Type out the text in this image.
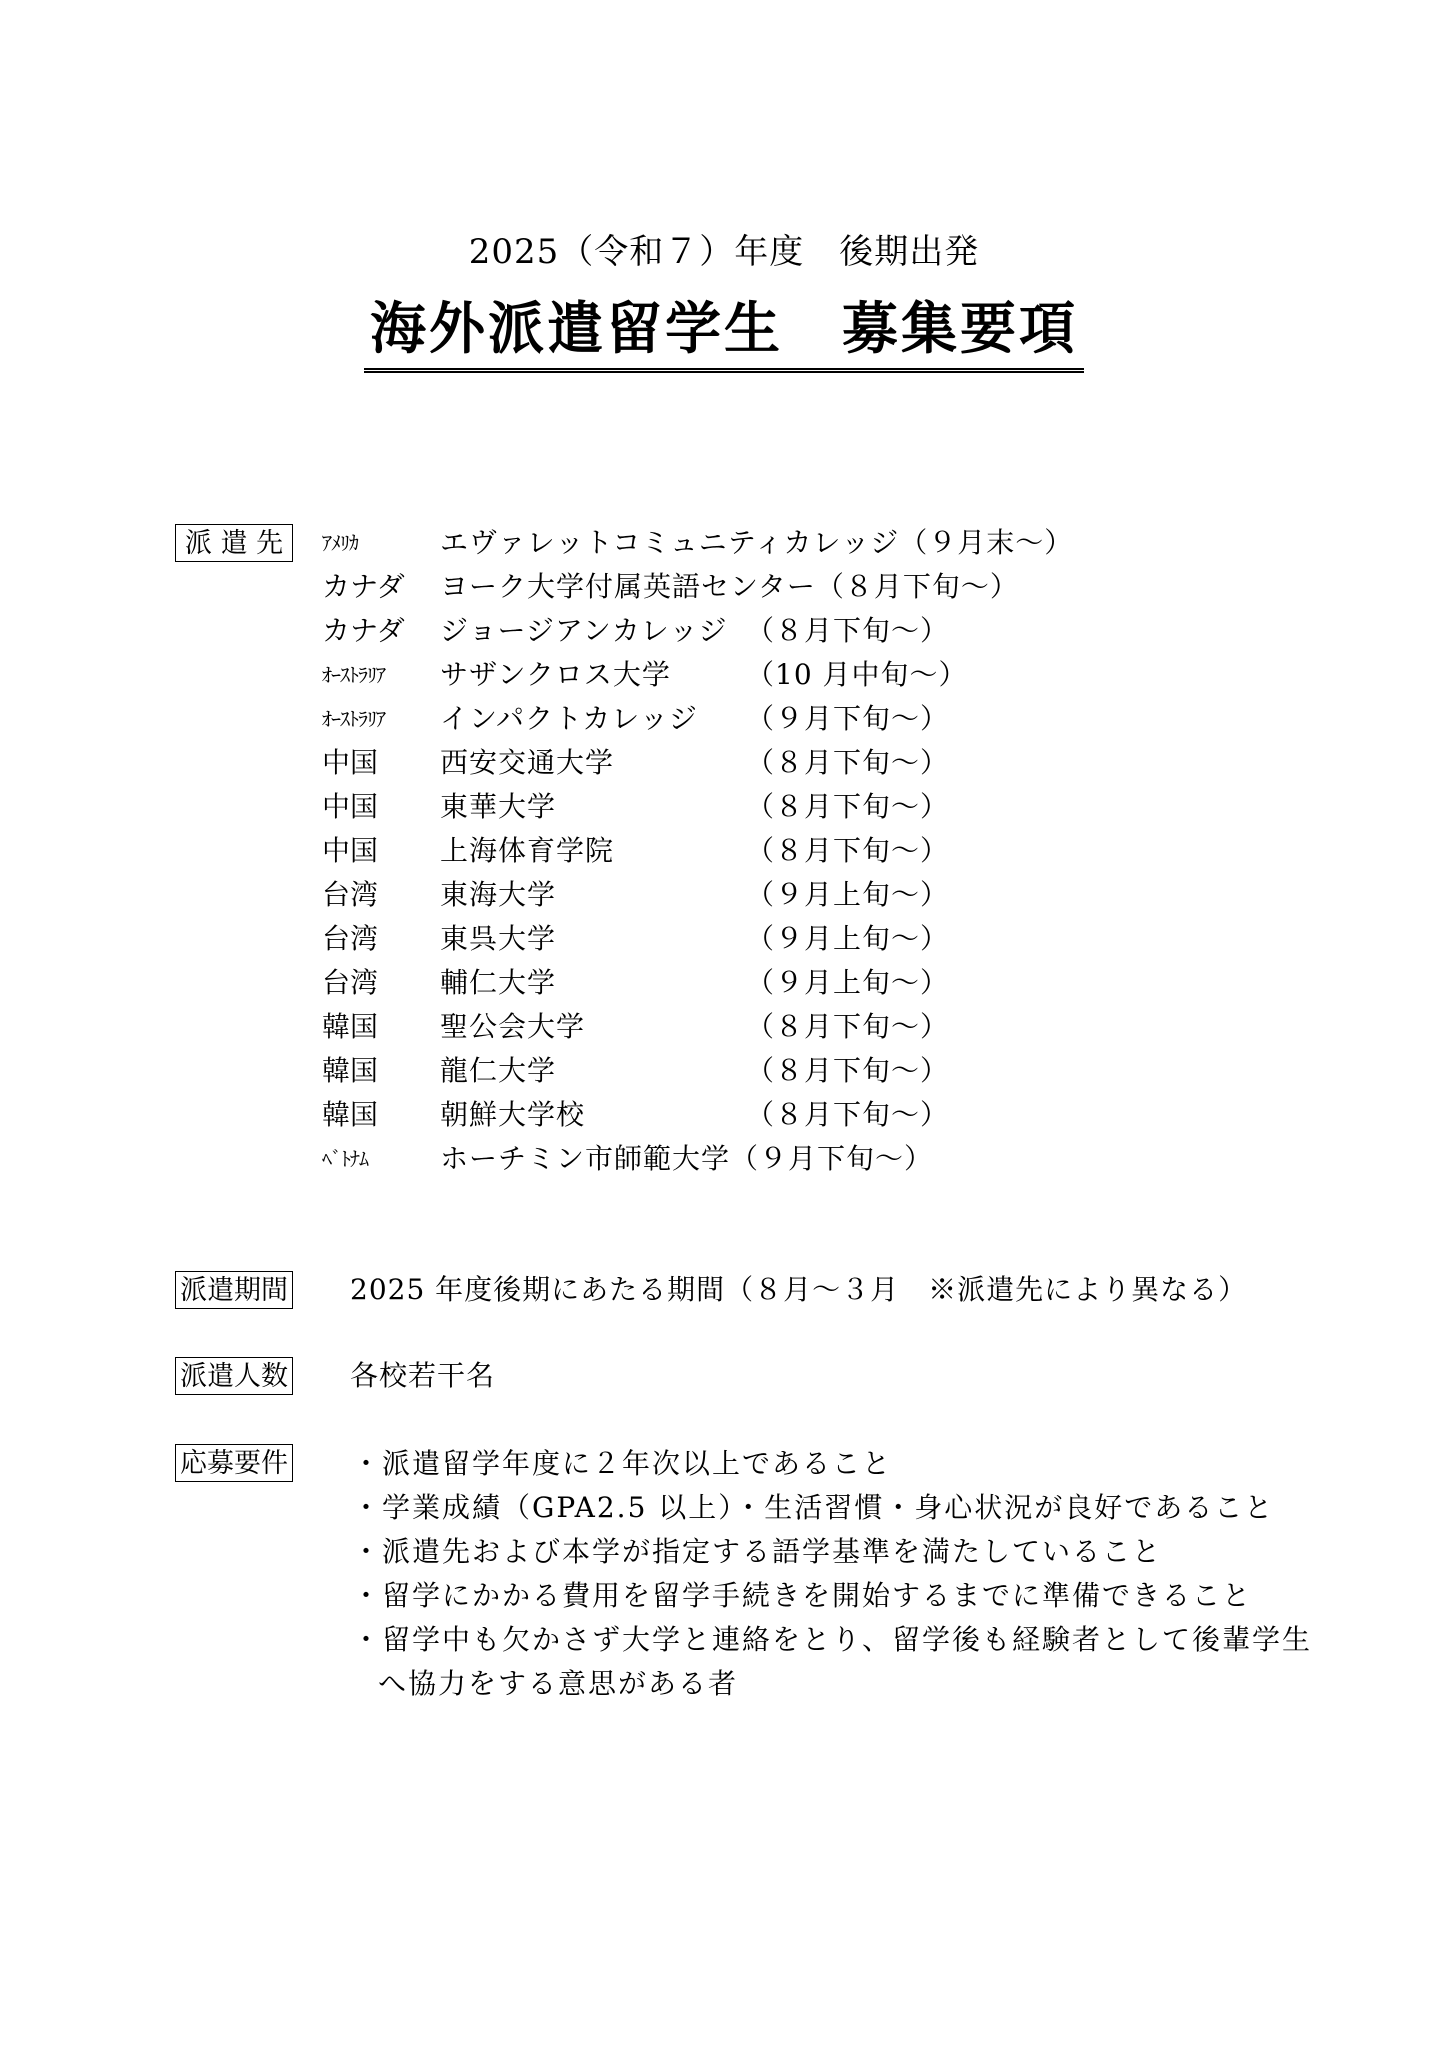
2025（令和７）年度　後期出発
海外派遣留学生　募集要項
派 遣 先	ｱﾒﾘｶ	エヴァレットコミュニティカレッジ（９月末～）
カナダ ヨーク大学付属英語センター（８月下旬～）
カナダ ジョージアンカレッジ （８月下旬～）
ｵｰｽﾄﾗﾘｱ サザンクロス大学	（10 月中旬～）
ｵｰｽﾄﾗﾘｱ インパクトカレッジ （９月下旬～）
中国 西安交通大学	（８月下旬～）
中国 東華大学	（８月下旬～）
中国 上海体育学院	（８月下旬～）
台湾 東海大学	（９月上旬～）
台湾 東呉大学	（９月上旬～）
台湾 輔仁大学	（９月上旬～）
韓国 聖公会大学	（８月下旬～）
韓国 龍仁大学	（８月下旬～）
韓国 朝鮮大学校	（８月下旬～）
ﾍﾞﾄﾅﾑ	ホーチミン市師範大学（９月下旬～）
派遣期間 2025 年度後期にあたる期間（８月～３月　※派遣先により異なる）
派遣人数 各校若干名
応募要件 ・派遣留学年度に２年次以上であること
・学業成績（GPA2.5 以上）・生活習慣・身心状況が良好であること
・派遣先および本学が指定する語学基準を満たしていること
・留学にかかる費用を留学手続きを開始するまでに準備できること
・留学中も欠かさず大学と連絡をとり、留学後も経験者として後輩学生
へ協力をする意思がある者
